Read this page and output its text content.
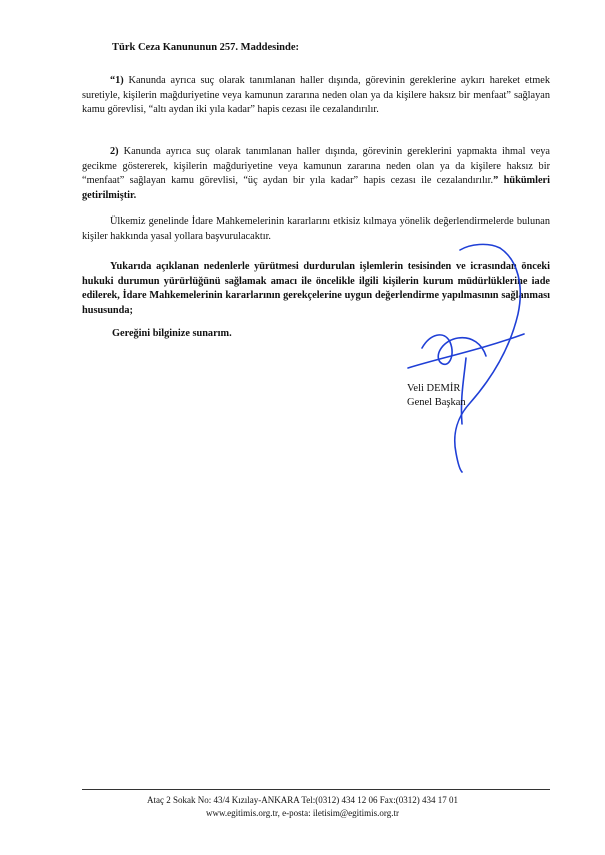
Türk Ceza Kanununun 257. Maddesinde:
“1) Kanunda ayrıca suç olarak tanımlanan haller dışında, görevinin gereklerine aykırı hareket etmek suretiyle, kişilerin mağduriyetine veya kamunun zararına neden olan ya da kişilere haksız bir menfaat” sağlayan kamu görevlisi, “altı aydan iki yıla kadar” hapis cezası ile cezalandırılır.
2) Kanunda ayrıca suç olarak tanımlanan haller dışında, görevinin gereklerini yapmakta ihmal veya gecikme göstererek, kişilerin mağduriyetine veya kamunun zararına neden olan ya da kişilere haksız bir “menfaat” sağlayan kamu görevlisi, “üç aydan bir yıla kadar” hapis cezası ile cezalandırılır.” hükümleri getirilmiştir.
Ülkemiz genelinde İdare Mahkemelerinin kararlarını etkisiz kılmaya yönelik değerlendirmelerde bulunan kişiler hakkında yasal yollara başvurulacaktır.
Yukarıda açıklanan nedenlerle yürütmesi durdurulan işlemlerin tesisinden ve icrasından önceki hukuki durumun yürürlüğünü sağlamak amacı ile öncelikle ilgili kişilerin kurum müdürlüklerine iade edilerek, İdare Mahkemelerinin kararlarının gerekçelerine uygun değerlendirme yapılmasının sağlanması hususunda;
Gereğini bilginize sunarım.
Veli DEMİR
Genel Başkan
Ataç 2 Sokak No: 43/4 Kızılay-ANKARA Tel:(0312) 434 12 06 Fax:(0312) 434 17 01
www.egitimis.org.tr, e-posta: iletisim@egitimis.org.tr
